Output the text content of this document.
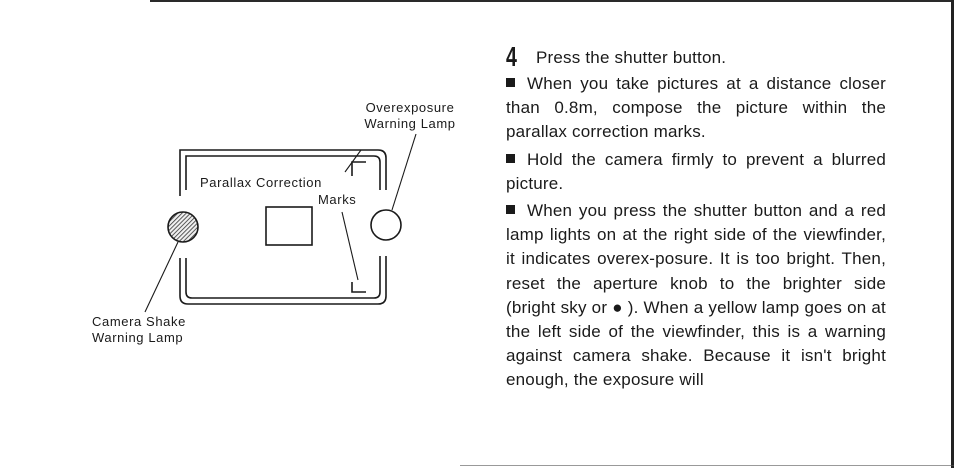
Overexposure
Warning Lamp
Parallax Correction
Marks
Camera Shake
Warning Lamp
4	Press the shutter button.

When you take pictures at a distance closer than 0.8m, compose the picture within the parallax correction marks.

Hold the camera firmly to prevent a blurred picture.

When you press the shutter button and a red lamp lights on at the right side of the viewfinder, it indicates overex-posure. It is too bright. Then, reset the aperture knob to the brighter side (bright sky or ● ). When a yellow lamp goes on at the left side of the viewfinder, this is a warning against camera shake. Because it isn't bright enough, the exposure will
